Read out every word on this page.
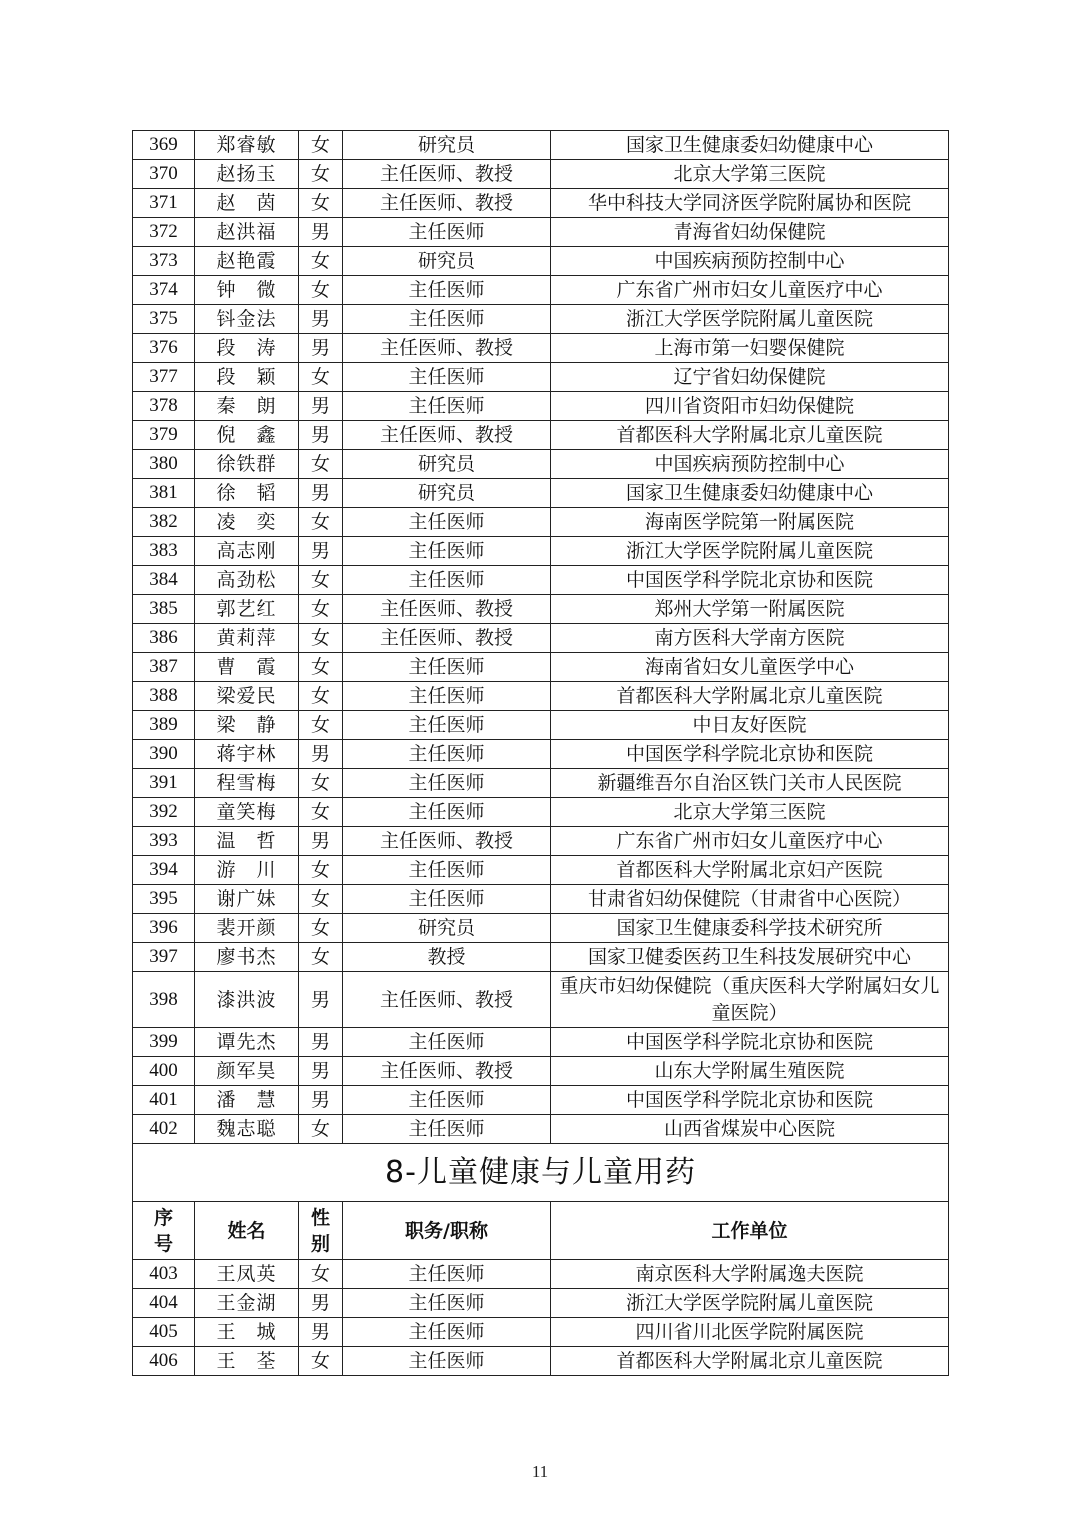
369	郑睿敏	女	研究员	国家卫生健康委妇幼健康中心
370	赵扬玉	女	主任医师、教授	北京大学第三医院
371	赵　茵	女	主任医师、教授	华中科技大学同济医学院附属协和医院
372	赵洪福	男	主任医师	青海省妇幼保健院
373	赵艳霞	女	研究员	中国疾病预防控制中心
374	钟　微	女	主任医师	广东省广州市妇女儿童医疗中心
375	钭金法	男	主任医师	浙江大学医学院附属儿童医院
376	段　涛	男	主任医师、教授	上海市第一妇婴保健院
377	段　颖	女	主任医师	辽宁省妇幼保健院
378	秦　朗	男	主任医师	四川省资阳市妇幼保健院
379	倪　鑫	男	主任医师、教授	首都医科大学附属北京儿童医院
380	徐铁群	女	研究员	中国疾病预防控制中心
381	徐　韬	男	研究员	国家卫生健康委妇幼健康中心
382	凌　奕	女	主任医师	海南医学院第一附属医院
383	高志刚	男	主任医师	浙江大学医学院附属儿童医院
384	高劲松	女	主任医师	中国医学科学院北京协和医院
385	郭艺红	女	主任医师、教授	郑州大学第一附属医院
386	黄莉萍	女	主任医师、教授	南方医科大学南方医院
387	曹　霞	女	主任医师	海南省妇女儿童医学中心
388	梁爱民	女	主任医师	首都医科大学附属北京儿童医院
389	梁　静	女	主任医师	中日友好医院
390	蒋宇林	男	主任医师	中国医学科学院北京协和医院
391	程雪梅	女	主任医师	新疆维吾尔自治区铁门关市人民医院
392	童笑梅	女	主任医师	北京大学第三医院
393	温　哲	男	主任医师、教授	广东省广州市妇女儿童医疗中心
394	游　川	女	主任医师	首都医科大学附属北京妇产医院
395	谢广妹	女	主任医师	甘肃省妇幼保健院（甘肃省中心医院）
396	裴开颜	女	研究员	国家卫生健康委科学技术研究所
397	廖书杰	女	教授	国家卫健委医药卫生科技发展研究中心
398	漆洪波	男	主任医师、教授	重庆市妇幼保健院（重庆医科大学附属妇女儿童医院）
399	谭先杰	男	主任医师	中国医学科学院北京协和医院
400	颜军昊	男	主任医师、教授	山东大学附属生殖医院
401	潘　慧	男	主任医师	中国医学科学院北京协和医院
402	魏志聪	女	主任医师	山西省煤炭中心医院
8-儿童健康与儿童用药				
序号	姓名	性别	职务/职称	工作单位
403	王凤英	女	主任医师	南京医科大学附属逸夫医院
404	王金湖	男	主任医师	浙江大学医学院附属儿童医院
405	王　城	男	主任医师	四川省川北医学院附属医院
406	王　荃	女	主任医师	首都医科大学附属北京儿童医院
11
